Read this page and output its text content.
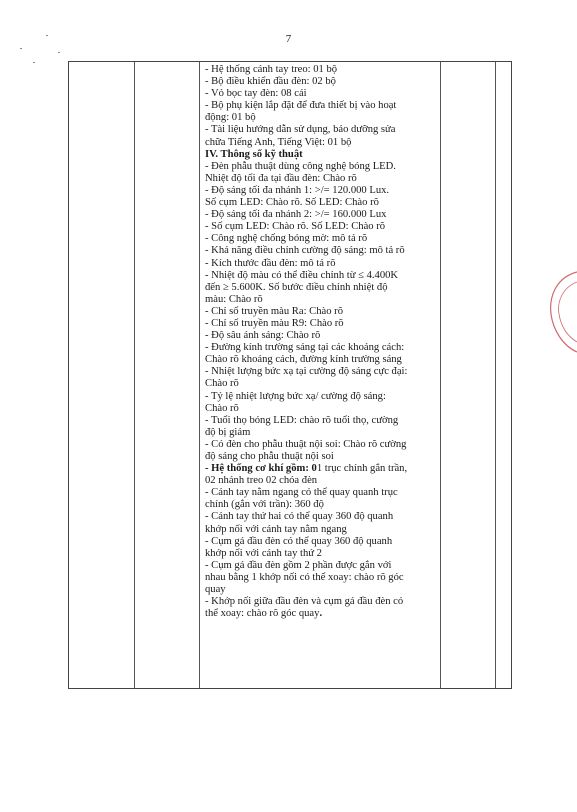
7
- Hệ thống cánh tay treo: 01 bộ
- Bộ điều khiển đầu đèn: 02 bộ
- Vỏ bọc tay đèn: 08 cái
- Bộ phụ kiện lắp đặt để đưa thiết bị vào hoạt
động: 01 bộ
- Tài liệu hướng dẫn sử dụng, bảo dưỡng sửa
chữa Tiếng Anh, Tiếng Việt: 01 bộ
IV. Thông số kỹ thuật
- Đèn phẫu thuật dùng công nghệ bóng LED.
Nhiệt độ tối đa tại đầu đèn: Chào rõ
- Độ sáng tối đa nhánh 1: >/= 120.000 Lux.
Số cụm LED: Chào rõ. Số LED: Chào rõ
- Độ sáng tối đa nhánh 2: >/= 160.000 Lux
- Số cụm LED: Chào rõ. Số LED: Chào rõ
- Công nghệ chống bóng mờ: mô tả rõ
- Khả năng điều chỉnh cường độ sáng: mô tả rõ
- Kích thước đầu đèn: mô tả rõ
- Nhiệt độ màu có thể điều chỉnh từ ≤ 4.400K
đến ≥ 5.600K. Số bước điều chỉnh nhiệt độ
màu: Chào rõ
- Chỉ số truyền màu Ra: Chào rõ
- Chỉ số truyền màu R9: Chào rõ
- Độ sâu ánh sáng: Chào rõ
- Đường kính trường sáng tại các khoảng cách:
Chào rõ khoảng cách, đường kính trường sáng
- Nhiệt lượng bức xạ tại cường độ sáng cực đại:
Chào rõ
- Tỷ lệ nhiệt lượng bức xạ/ cường độ sáng:
Chào rõ
- Tuổi thọ bóng LED: chào rõ tuổi thọ, cường
độ bị giảm
- Có đèn cho phẫu thuật nội soi: Chào rõ cường
độ sáng cho phẫu thuật nội soi
- Hệ thống cơ khí gồm: 01 trục chính gắn trần,
02 nhánh treo 02 chóa đèn
- Cánh tay nằm ngang có thể quay quanh trục
chính (gắn với trần): 360 độ
- Cánh tay thứ hai có thể quay 360 độ quanh
khớp nối với cánh tay nằm ngang
- Cụm gá đầu đèn có thể quay 360 độ quanh
khớp nối với cánh tay thứ 2
- Cụm gá đầu đèn gồm 2 phần được gắn với
nhau bằng 1 khớp nối có thể xoay: chào rõ góc
quay
- Khớp nối giữa đầu đèn và cụm gá đầu đèn có
thể xoay: chào rõ góc quay.
